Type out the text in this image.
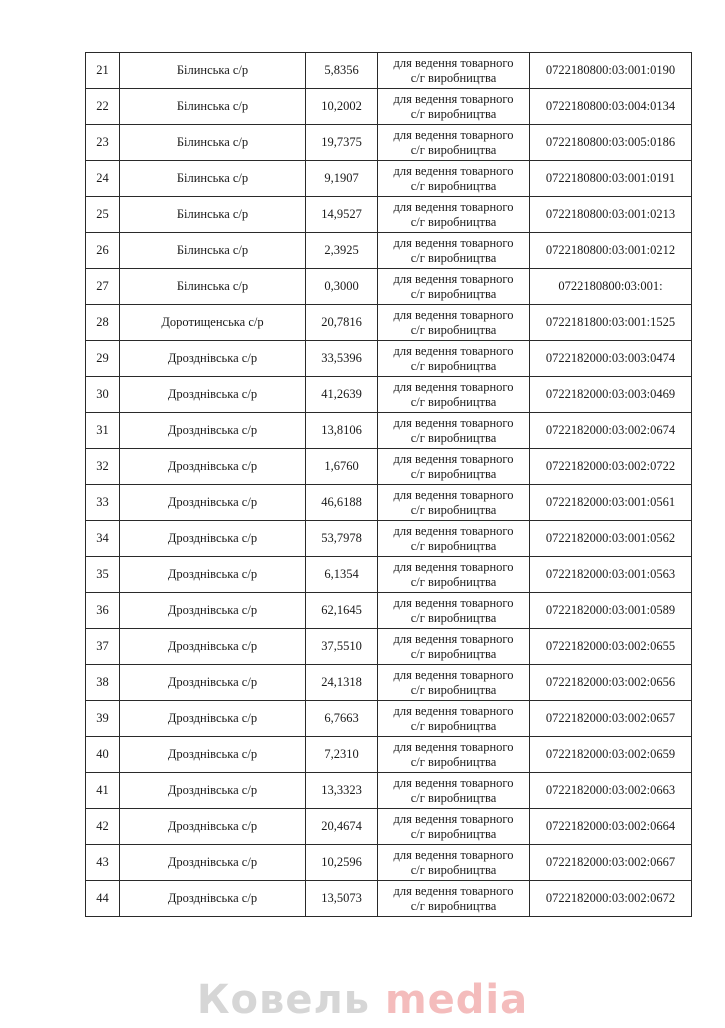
21	Білинська с/р	5,8356	для ведення товарного
с/г виробництва	0722180800:03:001:0190
22	Білинська с/р	10,2002	для ведення товарного
с/г виробництва	0722180800:03:004:0134
23	Білинська с/р	19,7375	для ведення товарного
с/г виробництва	0722180800:03:005:0186
24	Білинська с/р	9,1907	для ведення товарного
с/г виробництва	0722180800:03:001:0191
25	Білинська с/р	14,9527	для ведення товарного
с/г виробництва	0722180800:03:001:0213
26	Білинська с/р	2,3925	для ведення товарного
с/г виробництва	0722180800:03:001:0212
27	Білинська с/р	0,3000	для ведення товарного
с/г виробництва	0722180800:03:001:
28	Доротищенська с/р	20,7816	для ведення товарного
с/г виробництва	0722181800:03:001:1525
29	Дрозднівська с/р	33,5396	для ведення товарного
с/г виробництва	0722182000:03:003:0474
30	Дрозднівська с/р	41,2639	для ведення товарного
с/г виробництва	0722182000:03:003:0469
31	Дрозднівська с/р	13,8106	для ведення товарного
с/г виробництва	0722182000:03:002:0674
32	Дрозднівська с/р	1,6760	для ведення товарного
с/г виробництва	0722182000:03:002:0722
33	Дрозднівська с/р	46,6188	для ведення товарного
с/г виробництва	0722182000:03:001:0561
34	Дрозднівська с/р	53,7978	для ведення товарного
с/г виробництва	0722182000:03:001:0562
35	Дрозднівська с/р	6,1354	для ведення товарного
с/г виробництва	0722182000:03:001:0563
36	Дрозднівська с/р	62,1645	для ведення товарного
с/г виробництва	0722182000:03:001:0589
37	Дрозднівська с/р	37,5510	для ведення товарного
с/г виробництва	0722182000:03:002:0655
38	Дрозднівська с/р	24,1318	для ведення товарного
с/г виробництва	0722182000:03:002:0656
39	Дрозднівська с/р	6,7663	для ведення товарного
с/г виробництва	0722182000:03:002:0657
40	Дрозднівська с/р	7,2310	для ведення товарного
с/г виробництва	0722182000:03:002:0659
41	Дрозднівська с/р	13,3323	для ведення товарного
с/г виробництва	0722182000:03:002:0663
42	Дрозднівська с/р	20,4674	для ведення товарного
с/г виробництва	0722182000:03:002:0664
43	Дрозднівська с/р	10,2596	для ведення товарного
с/г виробництва	0722182000:03:002:0667
44	Дрозднівська с/р	13,5073	для ведення товарного
с/г виробництва	0722182000:03:002:0672
Ковель media
